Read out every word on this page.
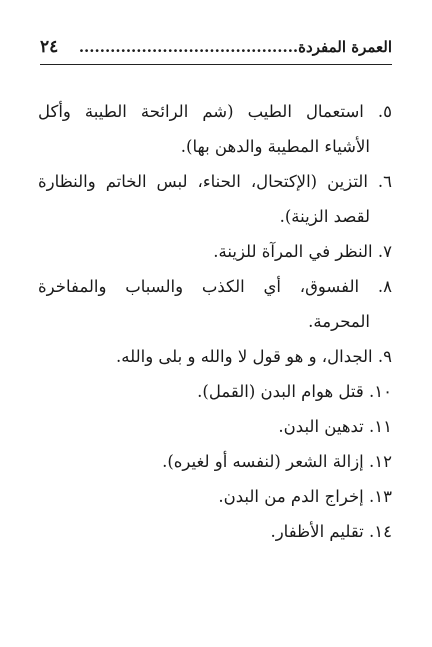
العمرة المفردة..........................................
٢٤
٥. استعمال الطيب (شم الرائحة الطيبة وأكل
الأشياء المطيبة والدهن بها).
٦. التزين (الإكتحال، الحناء، لبس الخاتم والنظارة
لقصد الزينة).
٧. النظر في المرآة للزينة.
٨. الفسوق، أي الكذب والسباب والمفاخرة
المحرمة.
٩. الجدال، و هو قول لا والله و بلى والله.
١٠. قتل هوام البدن (القمل).
١١. تدهين البدن.
١٢. إزالة الشعر (لنفسه أو لغيره).
١٣. إخراج الدم من البدن.
١٤. تقليم الأظفار.
